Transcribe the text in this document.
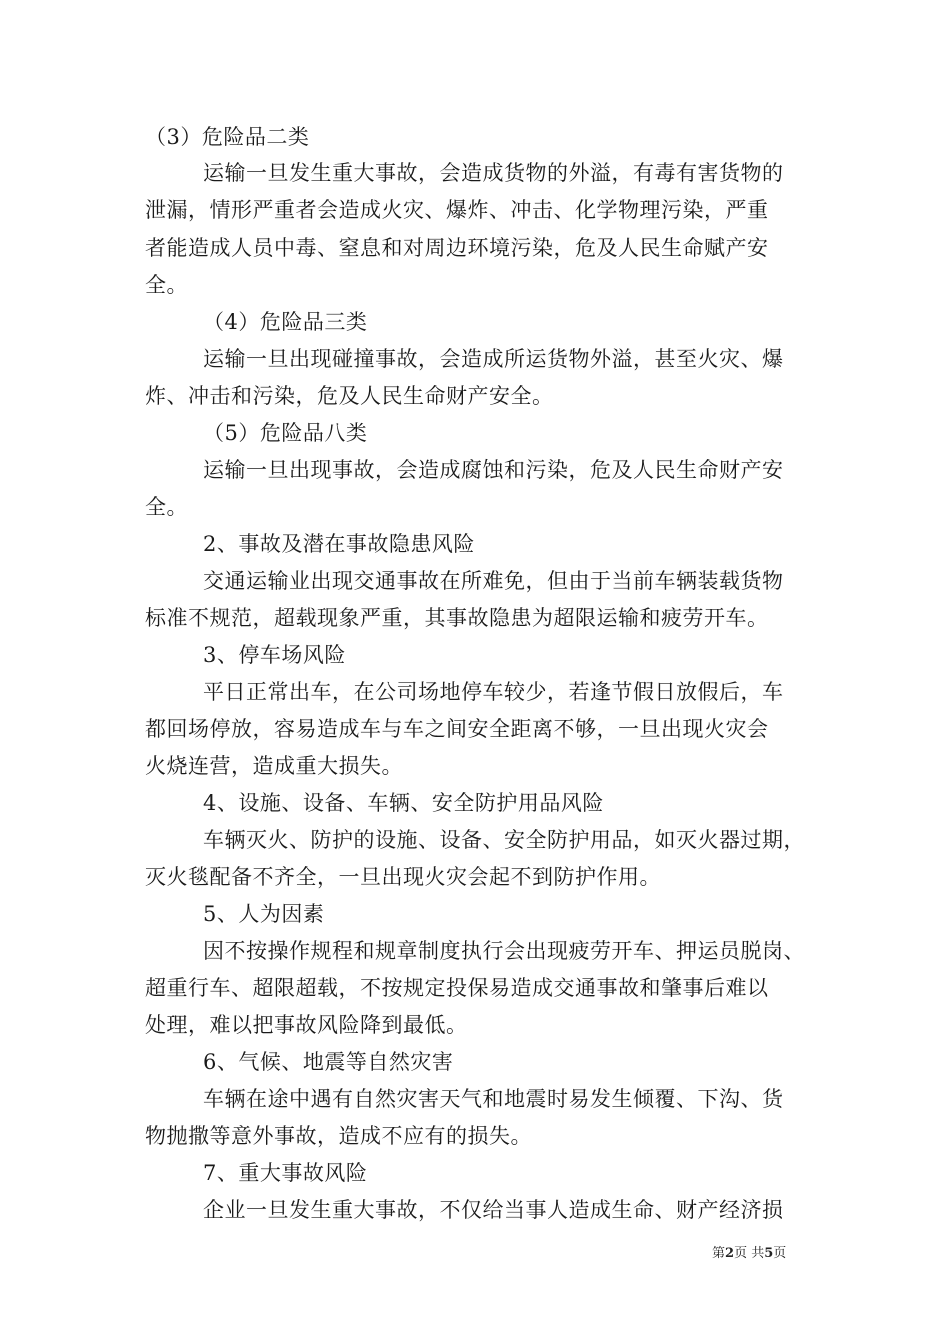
（3）危险品二类
运输一旦发生重大事故，会造成货物的外溢，有毒有害货物的
泄漏，情形严重者会造成火灾、爆炸、冲击、化学物理污染，严重
者能造成人员中毒、窒息和对周边环境污染，危及人民生命赋产安
全。
（4）危险品三类
运输一旦出现碰撞事故，会造成所运货物外溢，甚至火灾、爆
炸、冲击和污染，危及人民生命财产安全。
（5）危险品八类
运输一旦出现事故，会造成腐蚀和污染，危及人民生命财产安
全。
2、事故及潜在事故隐患风险
交通运输业出现交通事故在所难免，但由于当前车辆装载货物
标准不规范，超载现象严重，其事故隐患为超限运输和疲劳开车。
3、停车场风险
平日正常出车，在公司场地停车较少，若逢节假日放假后，车
都回场停放，容易造成车与车之间安全距离不够，一旦出现火灾会
火烧连营，造成重大损失。
4、设施、设备、车辆、安全防护用品风险
车辆灭火、防护的设施、设备、安全防护用品，如灭火器过期，
灭火毯配备不齐全，一旦出现火灾会起不到防护作用。
5、人为因素
因不按操作规程和规章制度执行会出现疲劳开车、押运员脱岗、
超重行车、超限超载，不按规定投保易造成交通事故和肇事后难以
处理，难以把事故风险降到最低。
6、气候、地震等自然灾害
车辆在途中遇有自然灾害天气和地震时易发生倾覆、下沟、货
物抛撒等意外事故，造成不应有的损失。
7、重大事故风险
企业一旦发生重大事故，不仅给当事人造成生命、财产经济损
第2页 共5页
